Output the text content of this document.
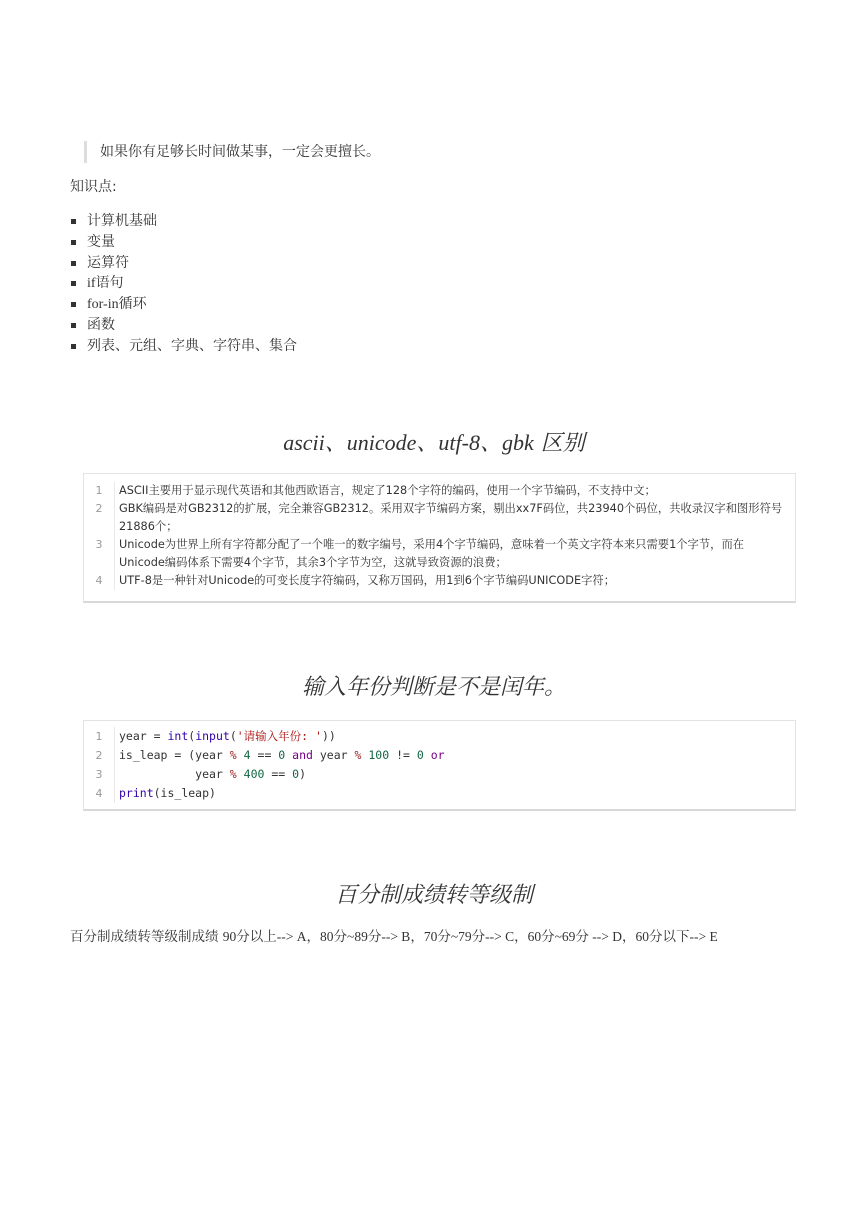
如果你有足够长时间做某事，一定会更擅长。
知识点:
计算机基础
变量
运算符
if语句
for-in循环
函数
列表、元组、字典、字符串、集合
ascii、unicode、utf-8、gbk 区别
1	ASCII主要用于显示现代英语和其他西欧语言，规定了128个字符的编码，使用一个字节编码，不支持中文；
2	GBK编码是对GB2312的扩展，完全兼容GB2312。采用双字节编码方案，剔出xx7F码位，共23940个码位，共收录汉字和图形符号21886个；
3	Unicode为世界上所有字符都分配了一个唯一的数字编号，采用4个字节编码，意味着一个英文字符本来只需要1个字节，而在Unicode编码体系下需要4个字节，其余3个字节为空，这就导致资源的浪费；
4	UTF-8是一种针对Unicode的可变长度字符编码，又称万国码，用1到6个字节编码UNICODE字符；
输入年份判断是不是闰年。
1	year = int(input('请输入年份: '))
2	is_leap = (year % 4 == 0 and year % 100 != 0 or
3	year % 400 == 0)
4	print(is_leap)
百分制成绩转等级制
百分制成绩转等级制成绩 90分以上--> A，80分~89分--> B，70分~79分--> C，60分~69分 --> D，60分以下--> E
